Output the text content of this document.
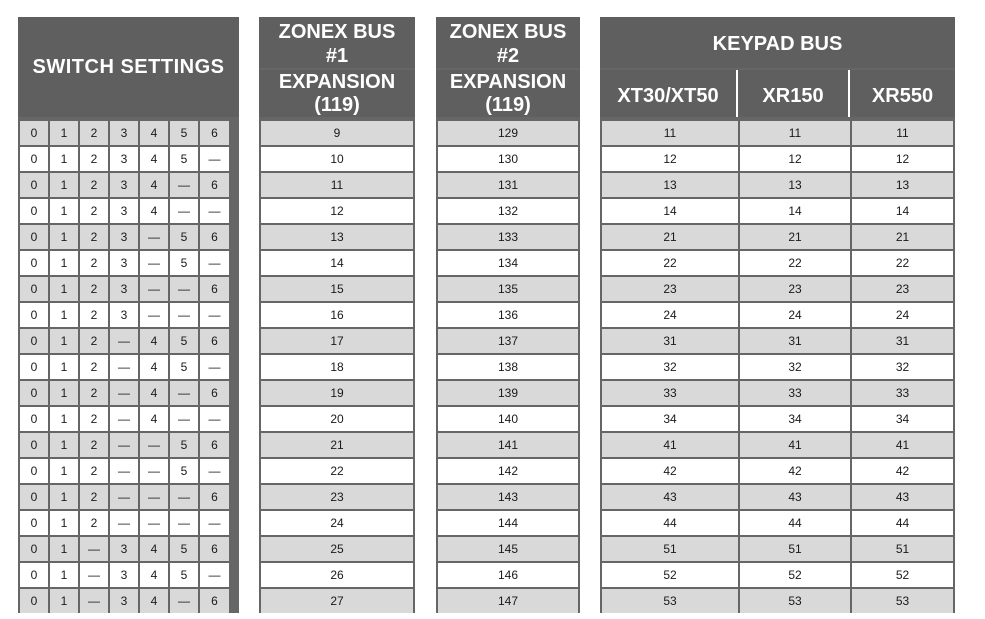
SWITCH SETTINGS
0	1	2	3	4	5	6
0	1	2	3	4	5	—
0	1	2	3	4	—	6
0	1	2	3	4	—	—
0	1	2	3	—	5	6
0	1	2	3	—	5	—
0	1	2	3	—	—	6
0	1	2	3	—	—	—
0	1	2	—	4	5	6
0	1	2	—	4	5	—
0	1	2	—	4	—	6
0	1	2	—	4	—	—
0	1	2	—	—	5	6
0	1	2	—	—	5	—
0	1	2	—	—	—	6
0	1	2	—	—	—	—
0	1	—	3	4	5	6
0	1	—	3	4	5	—
0	1	—	3	4	—	6
ZONEX BUS
#1
EXPANSION
(119)
9
10
11
12
13
14
15
16
17
18
19
20
21
22
23
24
25
26
27
ZONEX BUS
#2
EXPANSION
(119)
129
130
131
132
133
134
135
136
137
138
139
140
141
142
143
144
145
146
147
KEYPAD BUS
XT30/XT50	XR150	XR550
11	11	11
12	12	12
13	13	13
14	14	14
21	21	21
22	22	22
23	23	23
24	24	24
31	31	31
32	32	32
33	33	33
34	34	34
41	41	41
42	42	42
43	43	43
44	44	44
51	51	51
52	52	52
53	53	53
